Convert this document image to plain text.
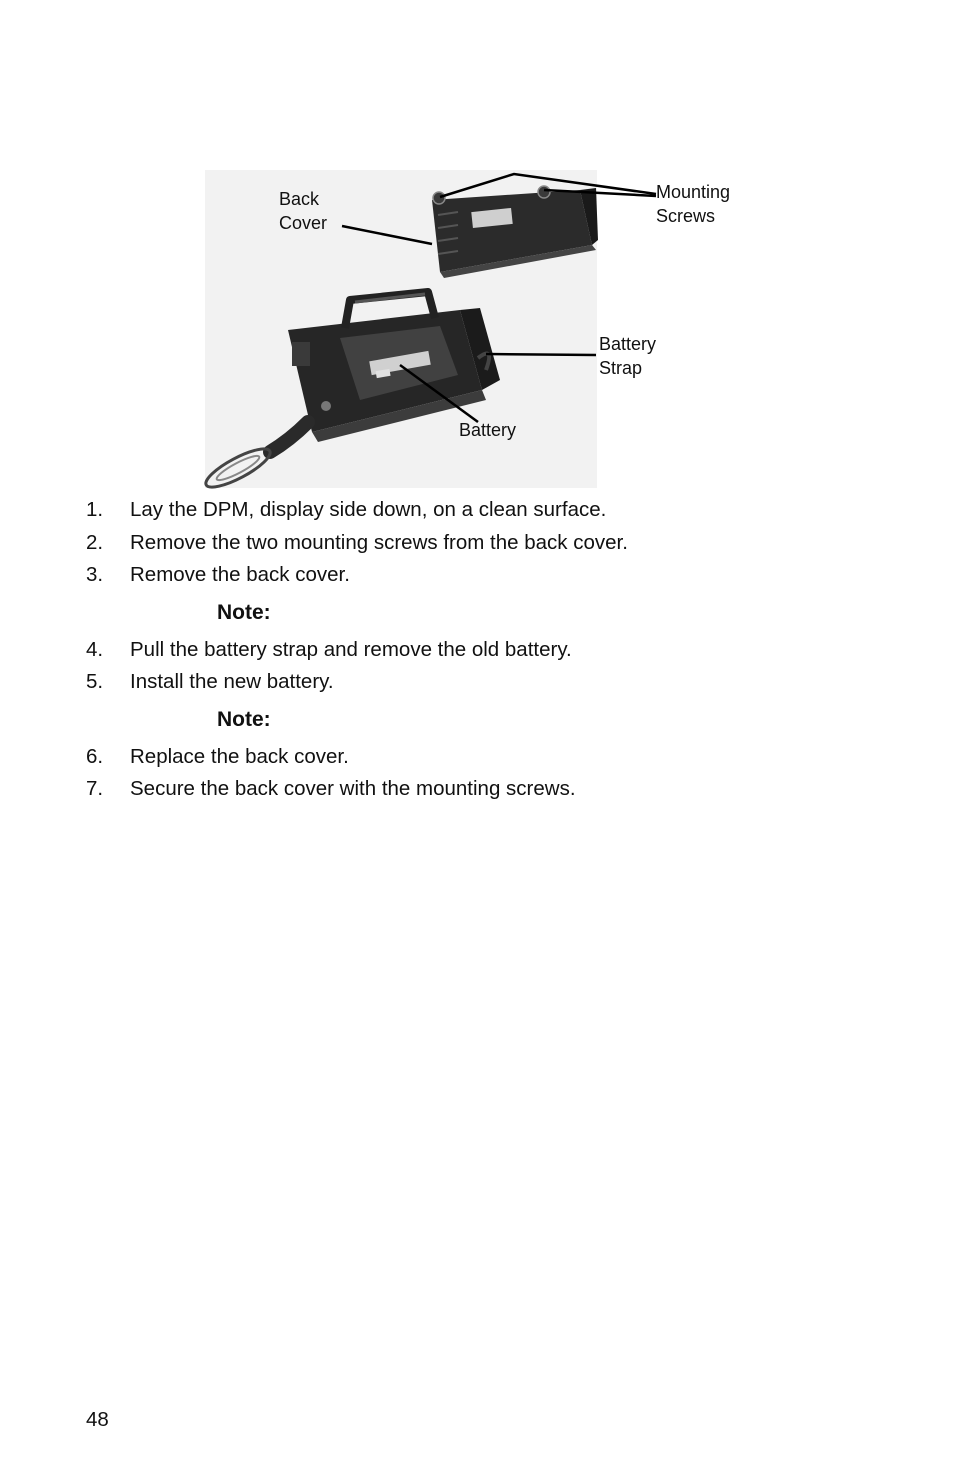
Back
Cover
Mounting
Screws
Battery
Strap
Battery
1.	Lay the DPM, display side down, on a clean surface.
2.	Remove the two mounting screws from the back cover.
3.	Remove the back cover.
Note:
4.	Pull the battery strap and remove the old battery.
5.	Install the new battery.
Note:
6.	Replace the back cover.
7.	Secure the back cover with the mounting screws.
48
